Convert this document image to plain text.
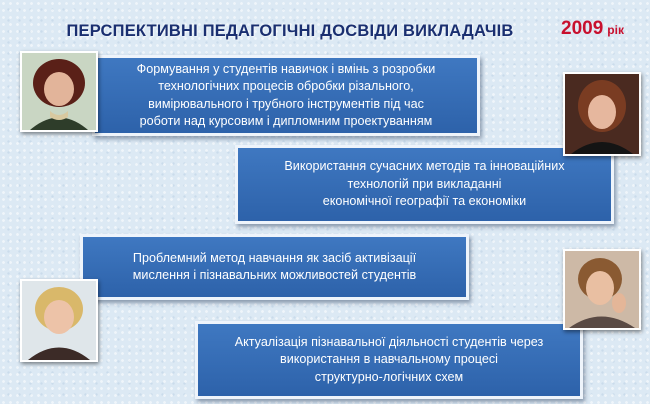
ПЕРСПЕКТИВНІ ПЕДАГОГІЧНІ ДОСВІДИ ВИКЛАДАЧІВ	2009 рік
Формування у студентів навичок і вмінь з розробки
технологічних процесів обробки різального,
вимірювального і трубного інструментів під час
роботи над курсовим і дипломним проектуванням
Використання сучасних методів та інноваційних
технологій при викладанні
економічної географії та економіки
Проблемний метод навчання як засіб активізації
мислення і пізнавальних можливостей студентів
Актуалізація пізнавальної діяльності студентів через
використання в навчальному процесі
структурно-логічних схем
